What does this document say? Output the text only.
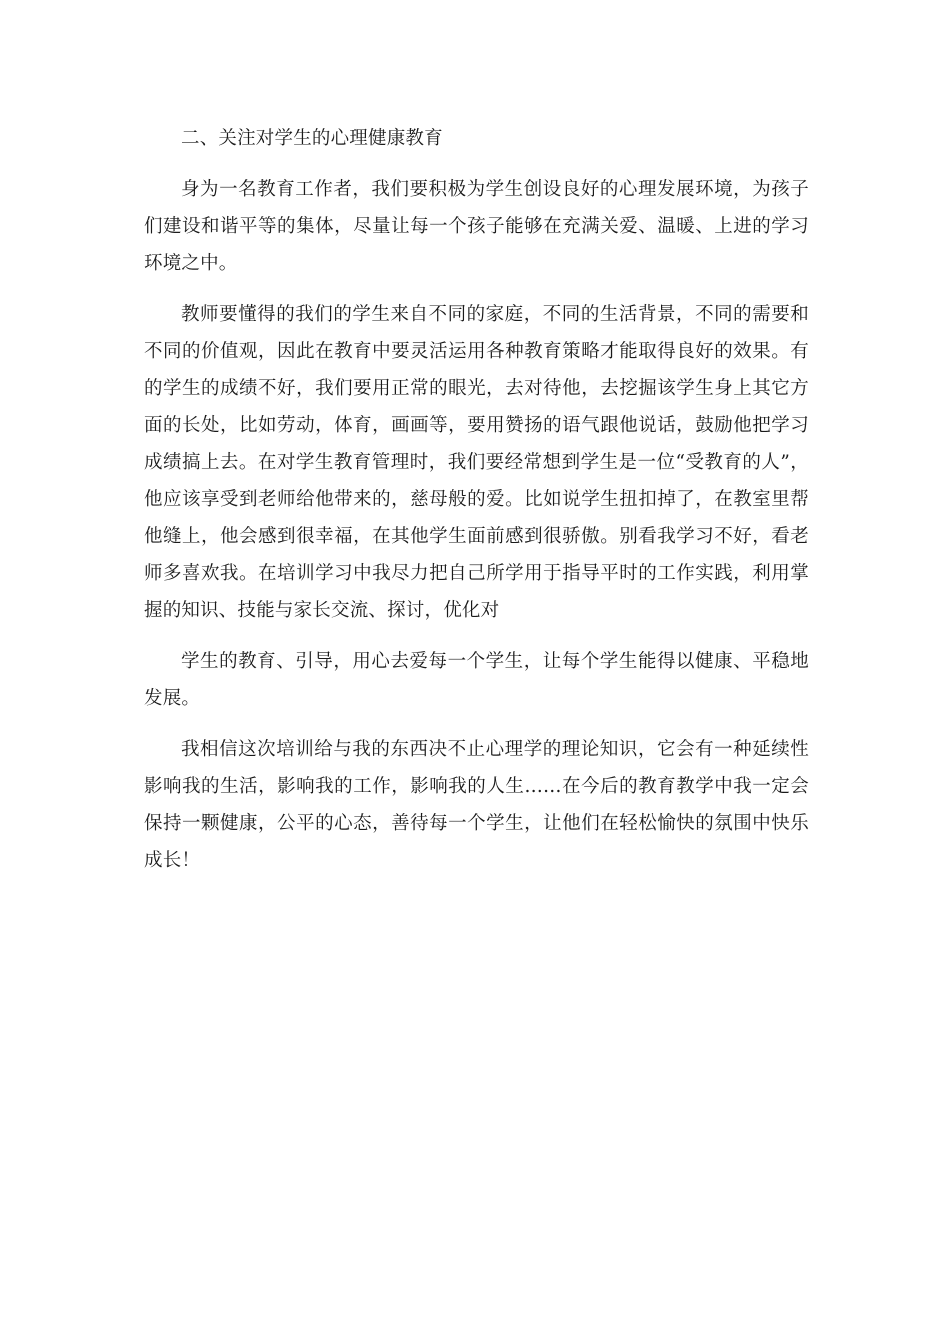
二、关注对学生的心理健康教育

身为一名教育工作者，我们要积极为学生创设良好的心理发展环境，为孩子们建设和谐平等的集体，尽量让每一个孩子能够在充满关爱、温暖、上进的学习环境之中。

教师要懂得的我们的学生来自不同的家庭，不同的生活背景，不同的需要和不同的价值观，因此在教育中要灵活运用各种教育策略才能取得良好的效果。有的学生的成绩不好，我们要用正常的眼光，去对待他，去挖掘该学生身上其它方面的长处，比如劳动，体育，画画等，要用赞扬的语气跟他说话，鼓励他把学习成绩搞上去。在对学生教育管理时，我们要经常想到学生是一位“受教育的人”，他应该享受到老师给他带来的，慈母般的爱。比如说学生扭扣掉了，在教室里帮他缝上，他会感到很幸福，在其他学生面前感到很骄傲。别看我学习不好，看老师多喜欢我。在培训学习中我尽力把自己所学用于指导平时的工作实践，利用掌握的知识、技能与家长交流、探讨，优化对

学生的教育、引导，用心去爱每一个学生，让每个学生能得以健康、平稳地发展。

我相信这次培训给与我的东西决不止心理学的理论知识，它会有一种延续性影响我的生活，影响我的工作，影响我的人生……在今后的教育教学中我一定会保持一颗健康，公平的心态，善待每一个学生，让他们在轻松愉快的氛围中快乐成长！
